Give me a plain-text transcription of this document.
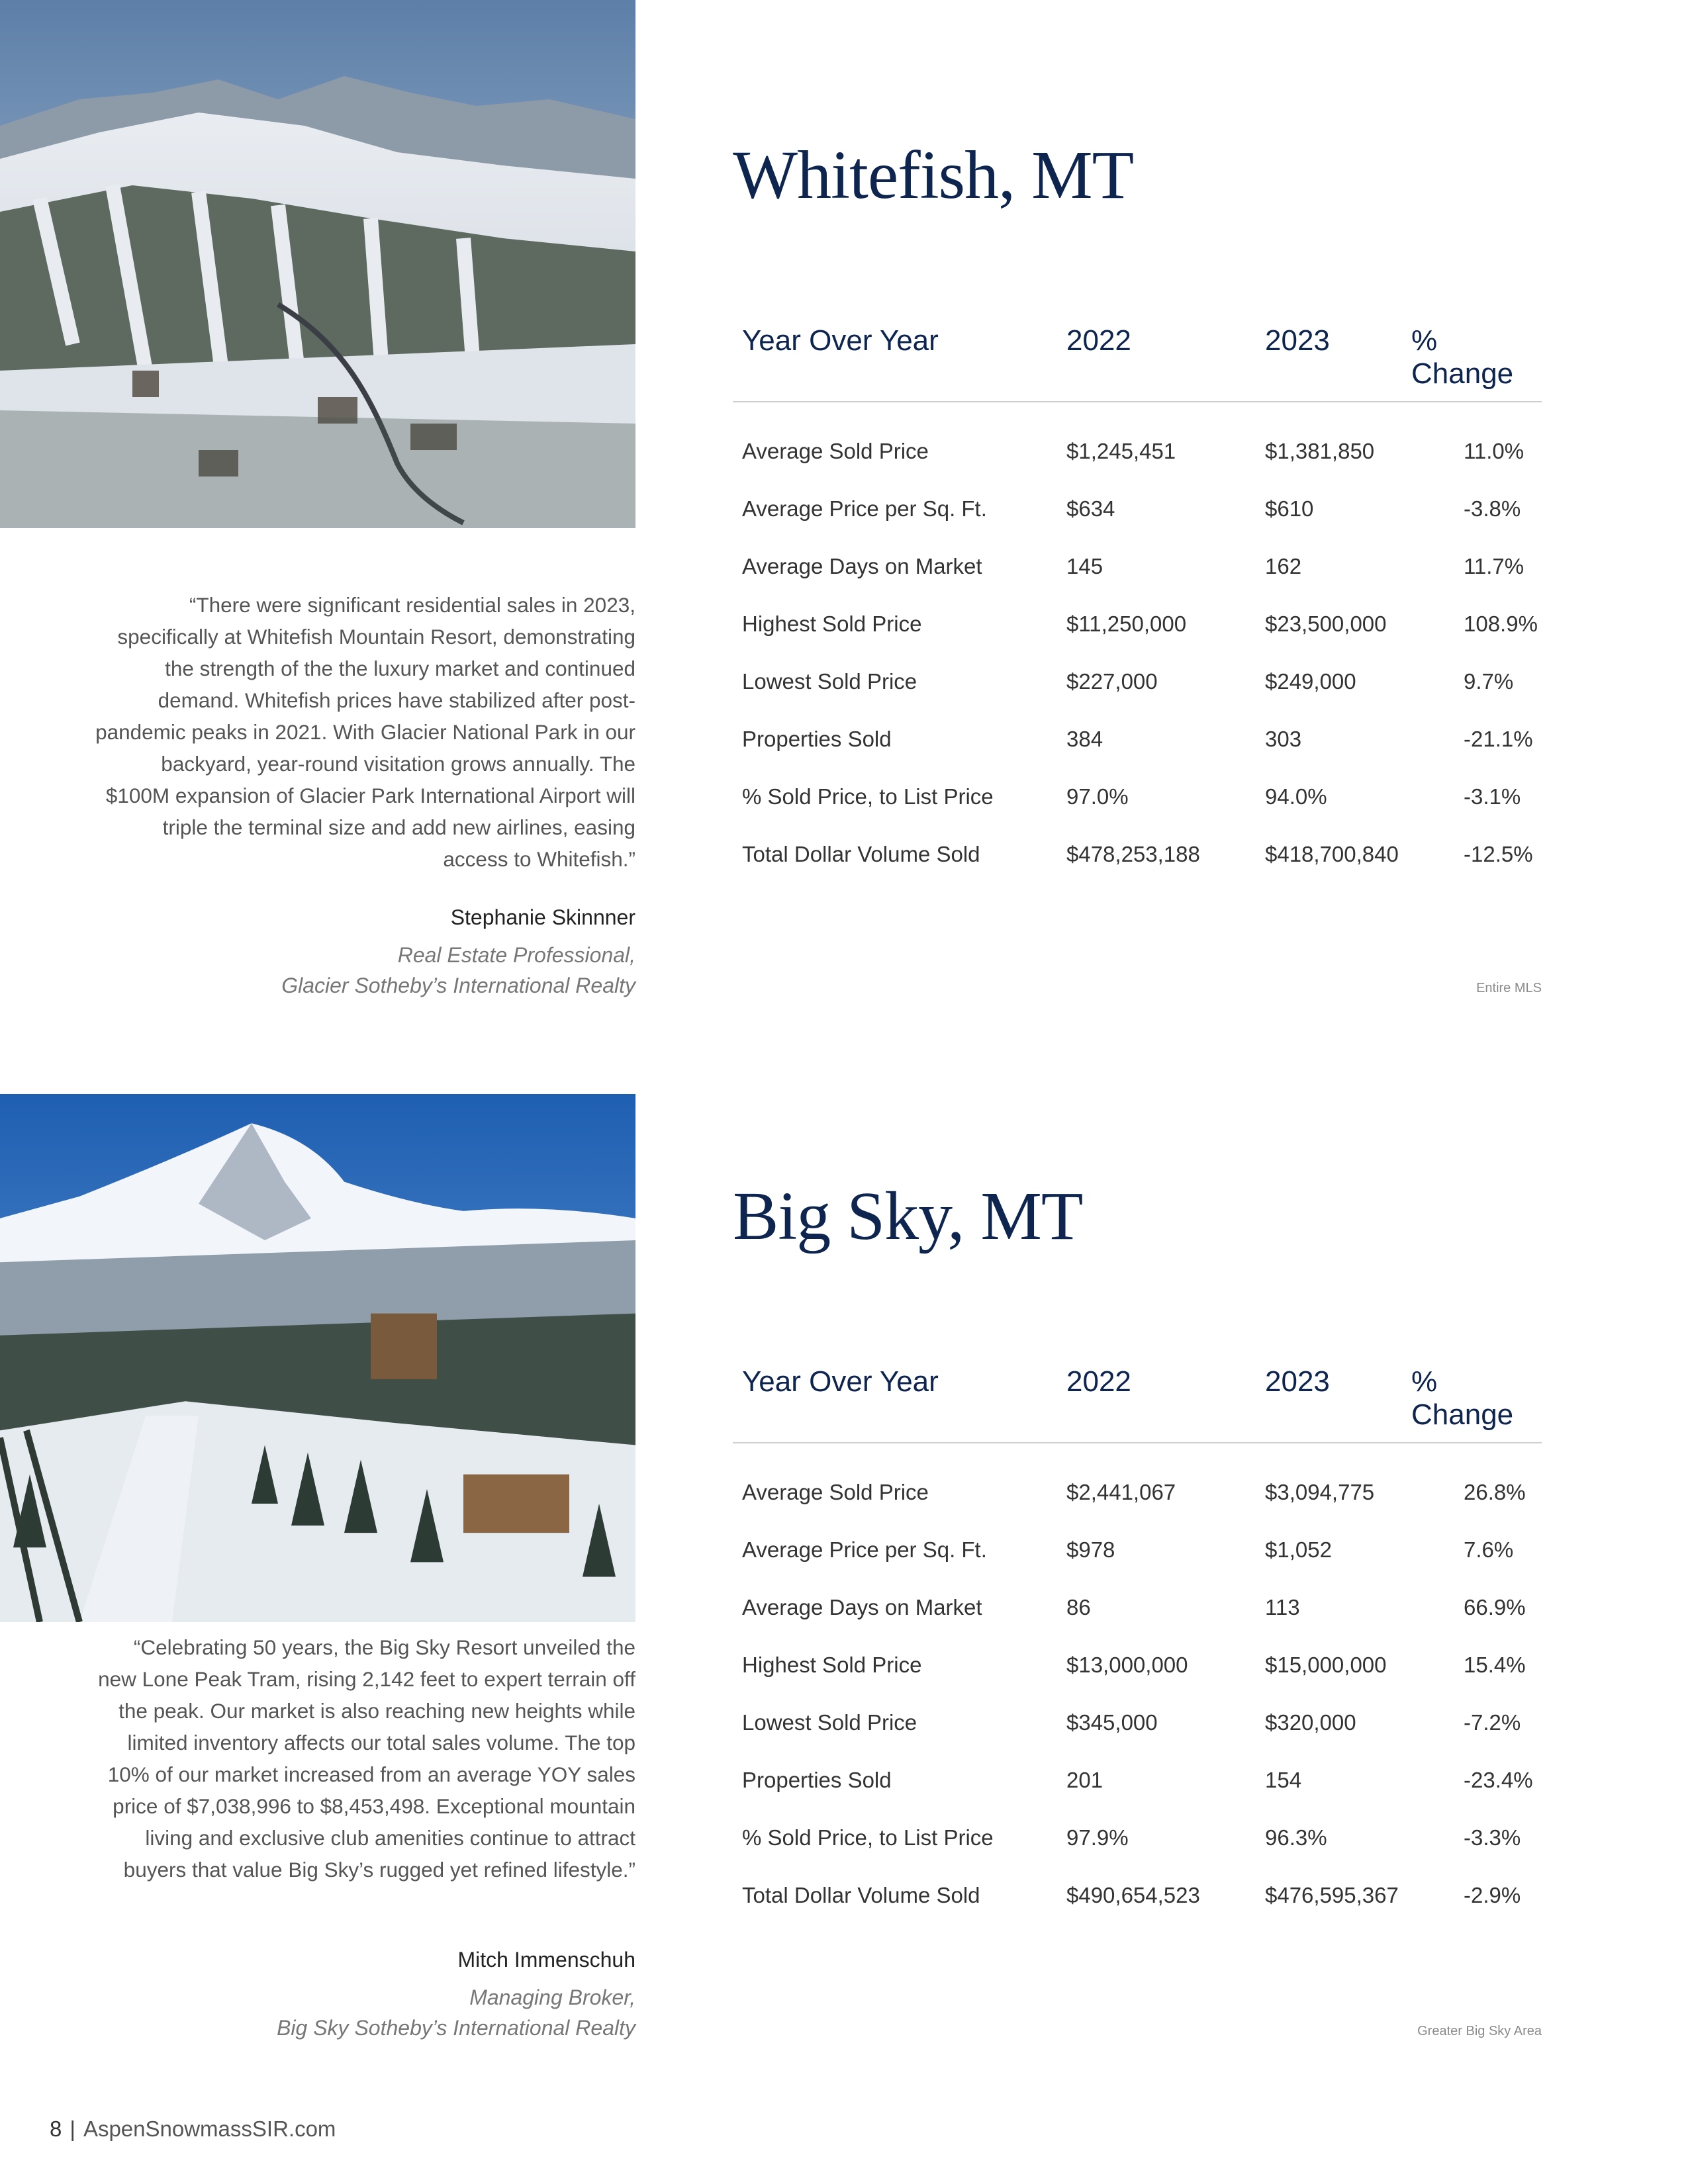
Whitefish, MT
Year Over Year	2022	2023	% Change
Average Sold Price	$1,245,451	$1,381,850	11.0%
Average Price per Sq. Ft.	$634	$610	-3.8%
Average Days on Market	145	162	11.7%
Highest Sold Price	$11,250,000	$23,500,000	108.9%
Lowest Sold Price	$227,000	$249,000	9.7%
Properties Sold	384	303	-21.1%
% Sold Price, to List Price	97.0%	94.0%	-3.1%
Total Dollar Volume Sold	$478,253,188	$418,700,840	-12.5%
Entire MLS

“There were significant residential sales in 2023, specifically at Whitefish Mountain Resort, demonstrating the strength of the the luxury market and continued demand. Whitefish prices have stabilized after post-pandemic peaks in 2021. With Glacier National Park in our backyard, year-round visitation grows annually. The $100M expansion of Glacier Park International Airport will triple the terminal size and add new airlines, easing access to Whitefish.”

Stephanie Skinnner
Real Estate Professional,
Glacier Sotheby’s International Realty
Big Sky, MT
Year Over Year	2022	2023	% Change
Average Sold Price	$2,441,067	$3,094,775	26.8%
Average Price per Sq. Ft.	$978	$1,052	7.6%
Average Days on Market	86	113	66.9%
Highest Sold Price	$13,000,000	$15,000,000	15.4%
Lowest Sold Price	$345,000	$320,000	-7.2%
Properties Sold	201	154	-23.4%
% Sold Price, to List Price	97.9%	96.3%	-3.3%
Total Dollar Volume Sold	$490,654,523	$476,595,367	-2.9%
Greater Big Sky Area

“Celebrating 50 years, the Big Sky Resort unveiled the new Lone Peak Tram, rising 2,142 feet to expert terrain off the peak. Our market is also reaching new heights while limited inventory affects our total sales volume. The top 10% of our market increased from an average YOY sales price of $7,038,996 to $8,453,498. Exceptional mountain living and exclusive club amenities continue to attract buyers that value Big Sky’s rugged yet refined lifestyle.”

Mitch Immenschuh
Managing Broker,
Big Sky Sotheby’s International Realty
8 | AspenSnowmassSIR.com
